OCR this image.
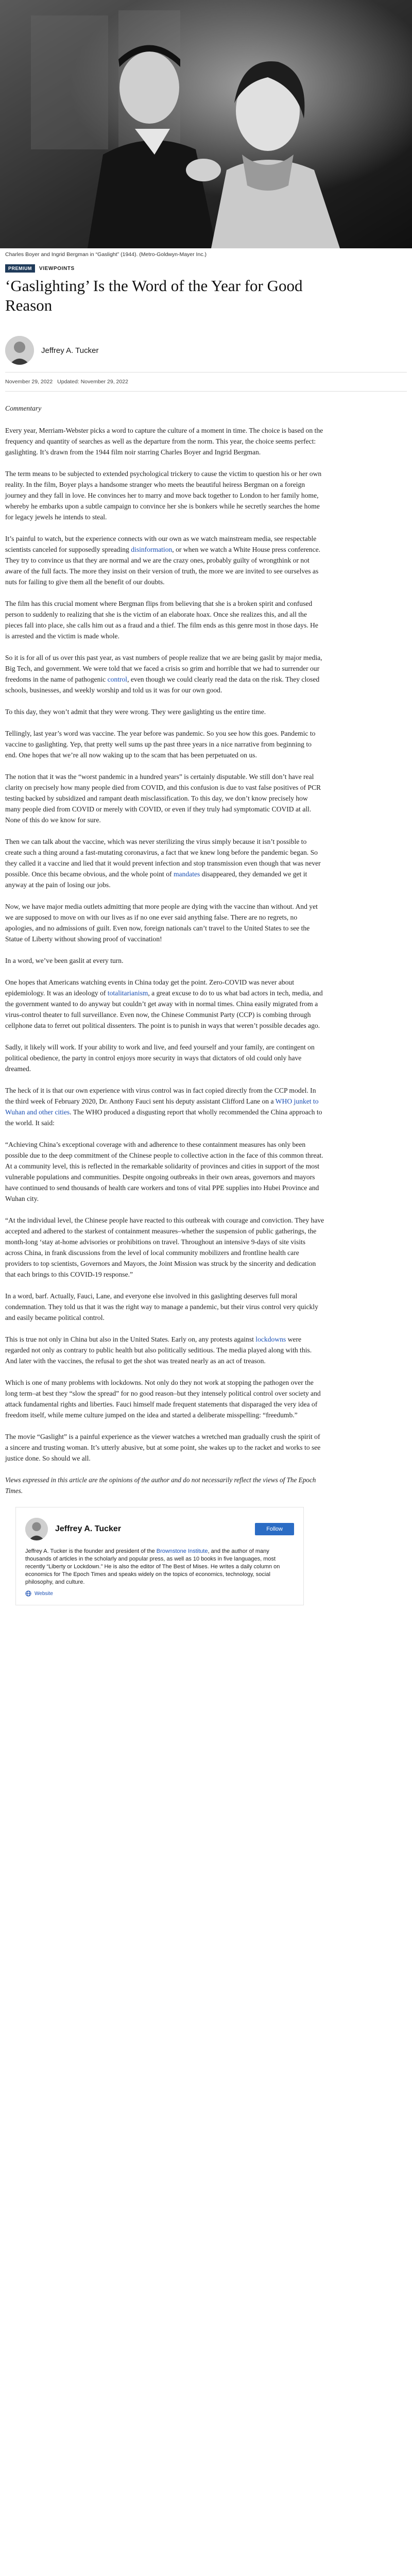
Charles Boyer and Ingrid Bergman in “Gaslight” (1944). (Metro-Goldwyn-Mayer Inc.)
PREMIUM	VIEWPOINTS
‘Gaslighting’ Is the Word of the Year for Good Reason
Jeffrey A. Tucker
November 29, 2022 Updated: November 29, 2022

Commentary

Every year, Merriam-Webster picks a word to capture the culture of a moment in time. The choice is based on the frequency and quantity of searches as well as the departure from the norm. This year, the choice seems perfect: gaslighting. It’s drawn from the 1944 film noir starring Charles Boyer and Ingrid Bergman.

The term means to be subjected to extended psychological trickery to cause the victim to question his or her own reality. In the film, Boyer plays a handsome stranger who meets the beautiful heiress Bergman on a foreign journey and they fall in love. He convinces her to marry and move back together to London to her family home, whereby he embarks upon a subtle campaign to convince her she is bonkers while he secretly searches the home for legacy jewels he intends to steal.

It’s painful to watch, but the experience connects with our own as we watch mainstream media, see respectable scientists canceled for supposedly spreading disinformation, or when we watch a White House press conference. They try to convince us that they are normal and we are the crazy ones, probably guilty of wrongthink or not aware of the full facts. The more they insist on their version of truth, the more we are invited to see ourselves as nuts for failing to give them all the benefit of our doubts.

The film has this crucial moment where Bergman flips from believing that she is a broken spirit and confused person to suddenly to realizing that she is the victim of an elaborate hoax. Once she realizes this, and all the pieces fall into place, she calls him out as a fraud and a thief. The film ends as this genre most in those days. He is arrested and the victim is made whole.

So it is for all of us over this past year, as vast numbers of people realize that we are being gaslit by major media, Big Tech, and government. We were told that we faced a crisis so grim and horrible that we had to surrender our freedoms in the name of pathogenic control, even though we could clearly read the data on the risk. They closed schools, businesses, and weekly worship and told us it was for our own good.

To this day, they won’t admit that they were wrong. They were gaslighting us the entire time.

Tellingly, last year’s word was vaccine. The year before was pandemic. So you see how this goes. Pandemic to vaccine to gaslighting. Yep, that pretty well sums up the past three years in a nice narrative from beginning to end. One hopes that we’re all now waking up to the scam that has been perpetuated on us.

The notion that it was the “worst pandemic in a hundred years” is certainly disputable. We still don’t have real clarity on precisely how many people died from COVID, and this confusion is due to vast false positives of PCR testing backed by subsidized and rampant death misclassification. To this day, we don’t know precisely how many people died from COVID or merely with COVID, or even if they truly had symptomatic COVID at all. None of this do we know for sure.

Then we can talk about the vaccine, which was never sterilizing the virus simply because it isn’t possible to create such a thing around a fast-mutating coronavirus, a fact that we knew long before the pandemic began. So they called it a vaccine and lied that it would prevent infection and stop transmission even though that was never possible. Once this became obvious, and the whole point of mandates disappeared, they demanded we get it anyway at the pain of losing our jobs.

Now, we have major media outlets admitting that more people are dying with the vaccine than without. And yet we are supposed to move on with our lives as if no one ever said anything false. There are no regrets, no apologies, and no admissions of guilt. Even now, foreign nationals can’t travel to the United States to see the Statue of Liberty without showing proof of vaccination!

In a word, we’ve been gaslit at every turn.

One hopes that Americans watching events in China today get the point. Zero-COVID was never about epidemiology. It was an ideology of totalitarianism, a great excuse to do to us what bad actors in tech, media, and the government wanted to do anyway but couldn’t get away with in normal times. China easily migrated from a virus-control theater to full surveillance. Even now, the Chinese Communist Party (CCP) is combing through cellphone data to ferret out political dissenters. The point is to punish in ways that weren’t possible decades ago.

Sadly, it likely will work. If your ability to work and live, and feed yourself and your family, are contingent on political obedience, the party in control enjoys more security in ways that dictators of old could only have dreamed.

The heck of it is that our own experience with virus control was in fact copied directly from the CCP model. In the third week of February 2020, Dr. Anthony Fauci sent his deputy assistant Clifford Lane on a WHO junket to Wuhan and other cities. The WHO produced a disgusting report that wholly recommended the China approach to the world. It said:

“Achieving China’s exceptional coverage with and adherence to these containment measures has only been possible due to the deep commitment of the Chinese people to collective action in the face of this common threat. At a community level, this is reflected in the remarkable solidarity of provinces and cities in support of the most vulnerable populations and communities. Despite ongoing outbreaks in their own areas, governors and mayors have continued to send thousands of health care workers and tons of vital PPE supplies into Hubei Province and Wuhan city.

“At the individual level, the Chinese people have reacted to this outbreak with courage and conviction. They have accepted and adhered to the starkest of containment measures–whether the suspension of public gatherings, the month-long ‘stay at-home advisories or prohibitions on travel. Throughout an intensive 9-days of site visits across China, in frank discussions from the level of local community mobilizers and frontline health care providers to top scientists, Governors and Mayors, the Joint Mission was struck by the sincerity and dedication that each brings to this COVID-19 response.”

In a word, barf. Actually, Fauci, Lane, and everyone else involved in this gaslighting deserves full moral condemnation. They told us that it was the right way to manage a pandemic, but their virus control very quickly and easily became political control.

This is true not only in China but also in the United States. Early on, any protests against lockdowns were regarded not only as contrary to public health but also politically seditious. The media played along with this. And later with the vaccines, the refusal to get the shot was treated nearly as an act of treason.

Which is one of many problems with lockdowns. Not only do they not work at stopping the pathogen over the long term–at best they “slow the spread” for no good reason–but they intensely political control over society and attack fundamental rights and liberties. Fauci himself made frequent statements that disparaged the very idea of freedom itself, while meme culture jumped on the idea and started a deliberate misspelling: “freedumb.”

The movie “Gaslight” is a painful experience as the viewer watches a wretched man gradually crush the spirit of a sincere and trusting woman. It’s utterly abusive, but at some point, she wakes up to the racket and works to see justice done. So should we all.

Views expressed in this article are the opinions of the author and do not necessarily reflect the views of The Epoch Times.

Jeffrey A. Tucker	Follow
Jeffrey A. Tucker is the founder and president of the Brownstone Institute, and the author of many thousands of articles in the scholarly and popular press, as well as 10 books in five languages, most recently “Liberty or Lockdown.” He is also the editor of The Best of Mises. He writes a daily column on economics for The Epoch Times and speaks widely on the topics of economics, technology, social philosophy, and culture.
Website
